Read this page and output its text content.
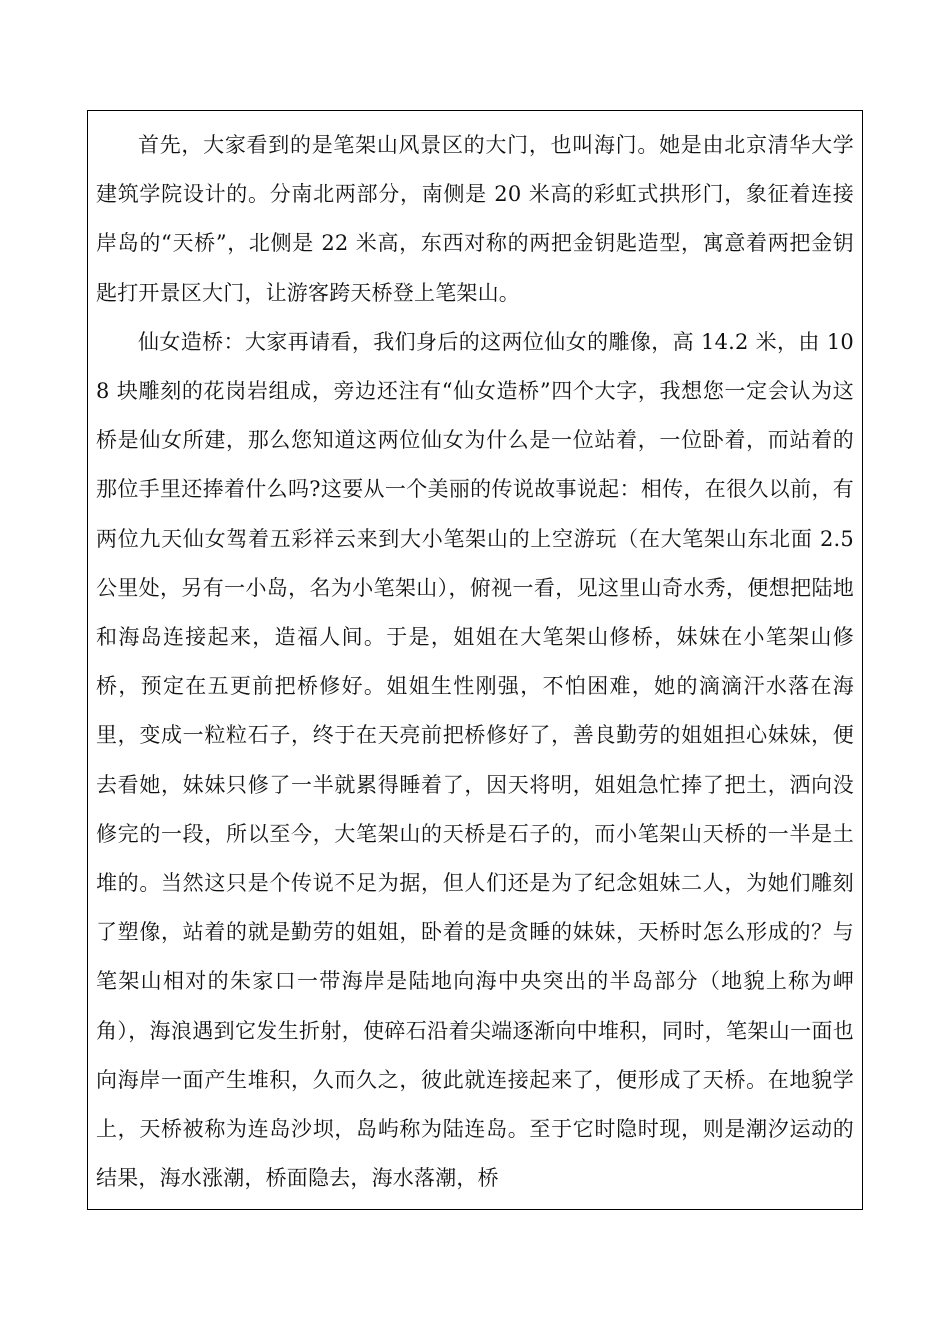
首先，大家看到的是笔架山风景区的大门，也叫海门。她是由北京清华大学建筑学院设计的。分南北两部分，南侧是 20 米高的彩虹式拱形门，象征着连接岸岛的“天桥”，北侧是 22 米高，东西对称的两把金钥匙造型，寓意着两把金钥匙打开景区大门，让游客跨天桥登上笔架山。

仙女造桥：大家再请看，我们身后的这两位仙女的雕像，高 14.2 米，由 108 块雕刻的花岗岩组成，旁边还注有“仙女造桥”四个大字，我想您一定会认为这桥是仙女所建，那么您知道这两位仙女为什么是一位站着，一位卧着，而站着的那位手里还捧着什么吗?这要从一个美丽的传说故事说起：相传，在很久以前，有两位九天仙女驾着五彩祥云来到大小笔架山的上空游玩（在大笔架山东北面 2.5 公里处，另有一小岛，名为小笔架山），俯视一看，见这里山奇水秀，便想把陆地和海岛连接起来，造福人间。于是，姐姐在大笔架山修桥，妹妹在小笔架山修桥，预定在五更前把桥修好。姐姐生性刚强，不怕困难，她的滴滴汗水落在海里，变成一粒粒石子，终于在天亮前把桥修好了，善良勤劳的姐姐担心妹妹，便去看她，妹妹只修了一半就累得睡着了，因天将明，姐姐急忙捧了把土，洒向没修完的一段，所以至今，大笔架山的天桥是石子的，而小笔架山天桥的一半是土堆的。当然这只是个传说不足为据，但人们还是为了纪念姐妹二人，为她们雕刻了塑像，站着的就是勤劳的姐姐，卧着的是贪睡的妹妹，天桥时怎么形成的？与笔架山相对的朱家口一带海岸是陆地向海中央突出的半岛部分（地貌上称为岬角），海浪遇到它发生折射，使碎石沿着尖端逐渐向中堆积，同时，笔架山一面也向海岸一面产生堆积，久而久之，彼此就连接起来了，便形成了天桥。在地貌学上，天桥被称为连岛沙坝，岛屿称为陆连岛。至于它时隐时现，则是潮汐运动的结果，海水涨潮，桥面隐去，海水落潮，桥
